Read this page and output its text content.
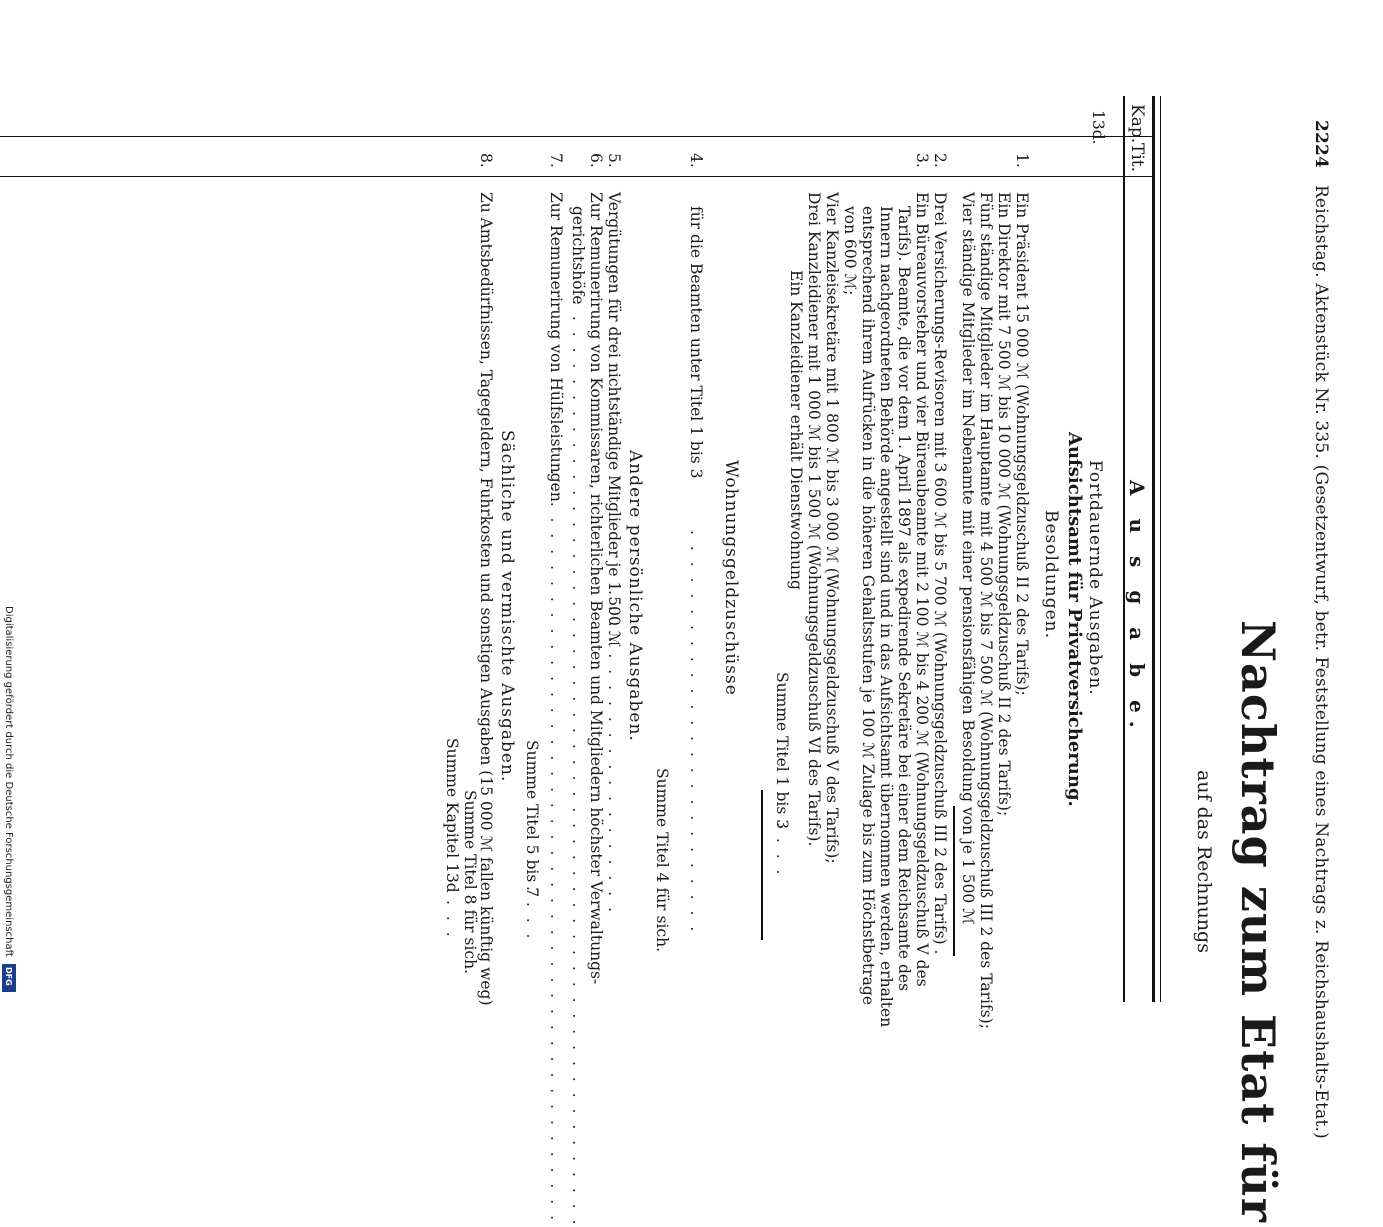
2224   Reichstag. Aktenstück Nr. 335. (Gesetzentwurf, betr. Feststellung eines Nachtrags z. Reichshaushalts-Etat.)
Nachtrag zum Etat für
auf das Rechnungs
Kap.
Tit.
A u s g a b e.
13d.
Fortdauernde Ausgaben.
Aufsichtsamt für Privatversicherung.
Besoldungen.
1.
Ein Präsident 15 000 ℳ (Wohnungsgeldzuschuß II 2 des Tarifs);
Ein Direktor mit 7 500 ℳ bis 10 000 ℳ (Wohnungsgeldzuschuß II 2 des Tarifs);
Fünf ständige Mitglieder im Hauptamte mit 4 500 ℳ bis 7 500 ℳ (Wohnungsgeldzuschuß III 2 des Tarifs);
Vier ständige Mitglieder im Nebenamte mit einer pensionsfähigen Besoldung von je 1 500 ℳ
2.
Drei Versicherungs-Revisoren mit 3 600 ℳ bis 5 700 ℳ (Wohnungsgeldzuschuß III 2 des Tarifs) .
3.
Ein Büreauvorsteher und vier Büreaubeamte mit 2 100 ℳ bis 4 200 ℳ (Wohnungsgeldzuschuß V des
Tarifs). Beamte, die vor dem 1. April 1897 als expedirende Sekretäre bei einer dem Reichsamte des
Innern nachgeordneten Behörde angestellt sind und in das Aufsichtsamt übernommen werden, erhalten
entsprechend ihrem Aufrücken in die höheren Gehaltsstufen je 100 ℳ Zulage bis zum Höchstbetrage
von 600 ℳ;
Vier Kanzleisekretäre mit 1 800 ℳ bis 3 000 ℳ (Wohnungsgeldzuschuß V des Tarifs);
Drei Kanzleidiener mit 1 000 ℳ bis 1 500 ℳ (Wohnungsgeldzuschuß VI des Tarifs).
Ein Kanzleidiener erhält Dienstwohnung
Summe Titel 1 bis 3
. . . .
Wohnungsgeldzuschüsse
4.
für die Beamten unter Titel 1 bis 3
. . . . . . . . . . . . . . . . . . . . . . . . . .
Summe Titel 4 für sich.
Andere persönliche Ausgaben.
5.
Vergütungen für drei nichtständige Mitglieder je 1 500 ℳ
. . . . . . . . . . . . . . . . . . . . .
6.
Zur Remunerirung von Kommissaren, richterlichen Beamten und Mitgliedern höchster Verwaltungs-
gerichtshöfe
. . . . . . . . . . . . . . . . . . . . . . . . . . . . . . . . . . . . . . . . . . . . . . . . . . . . . . . . . . .
7.
Zur Remunerirung von Hülfsleistungen
. . . . . . . . . . . . . . . . . . . . . . . . . . . . . . . . . . . . . . . . . . . . . . . .
Summe Titel 5 bis 7
. . . .
Sächliche und vermischte Ausgaben.
8.
Zu Amtsbedürfnissen, Tagegeldern, Fuhrkosten und sonstigen Ausgaben (15 000 ℳ fallen künftig weg)
Summe Titel 8 für sich.
Summe Kapitel 13d
. . .
Digitalisierung gefördert durch die Deutsche Forschungsgemeinschaft
DFG
